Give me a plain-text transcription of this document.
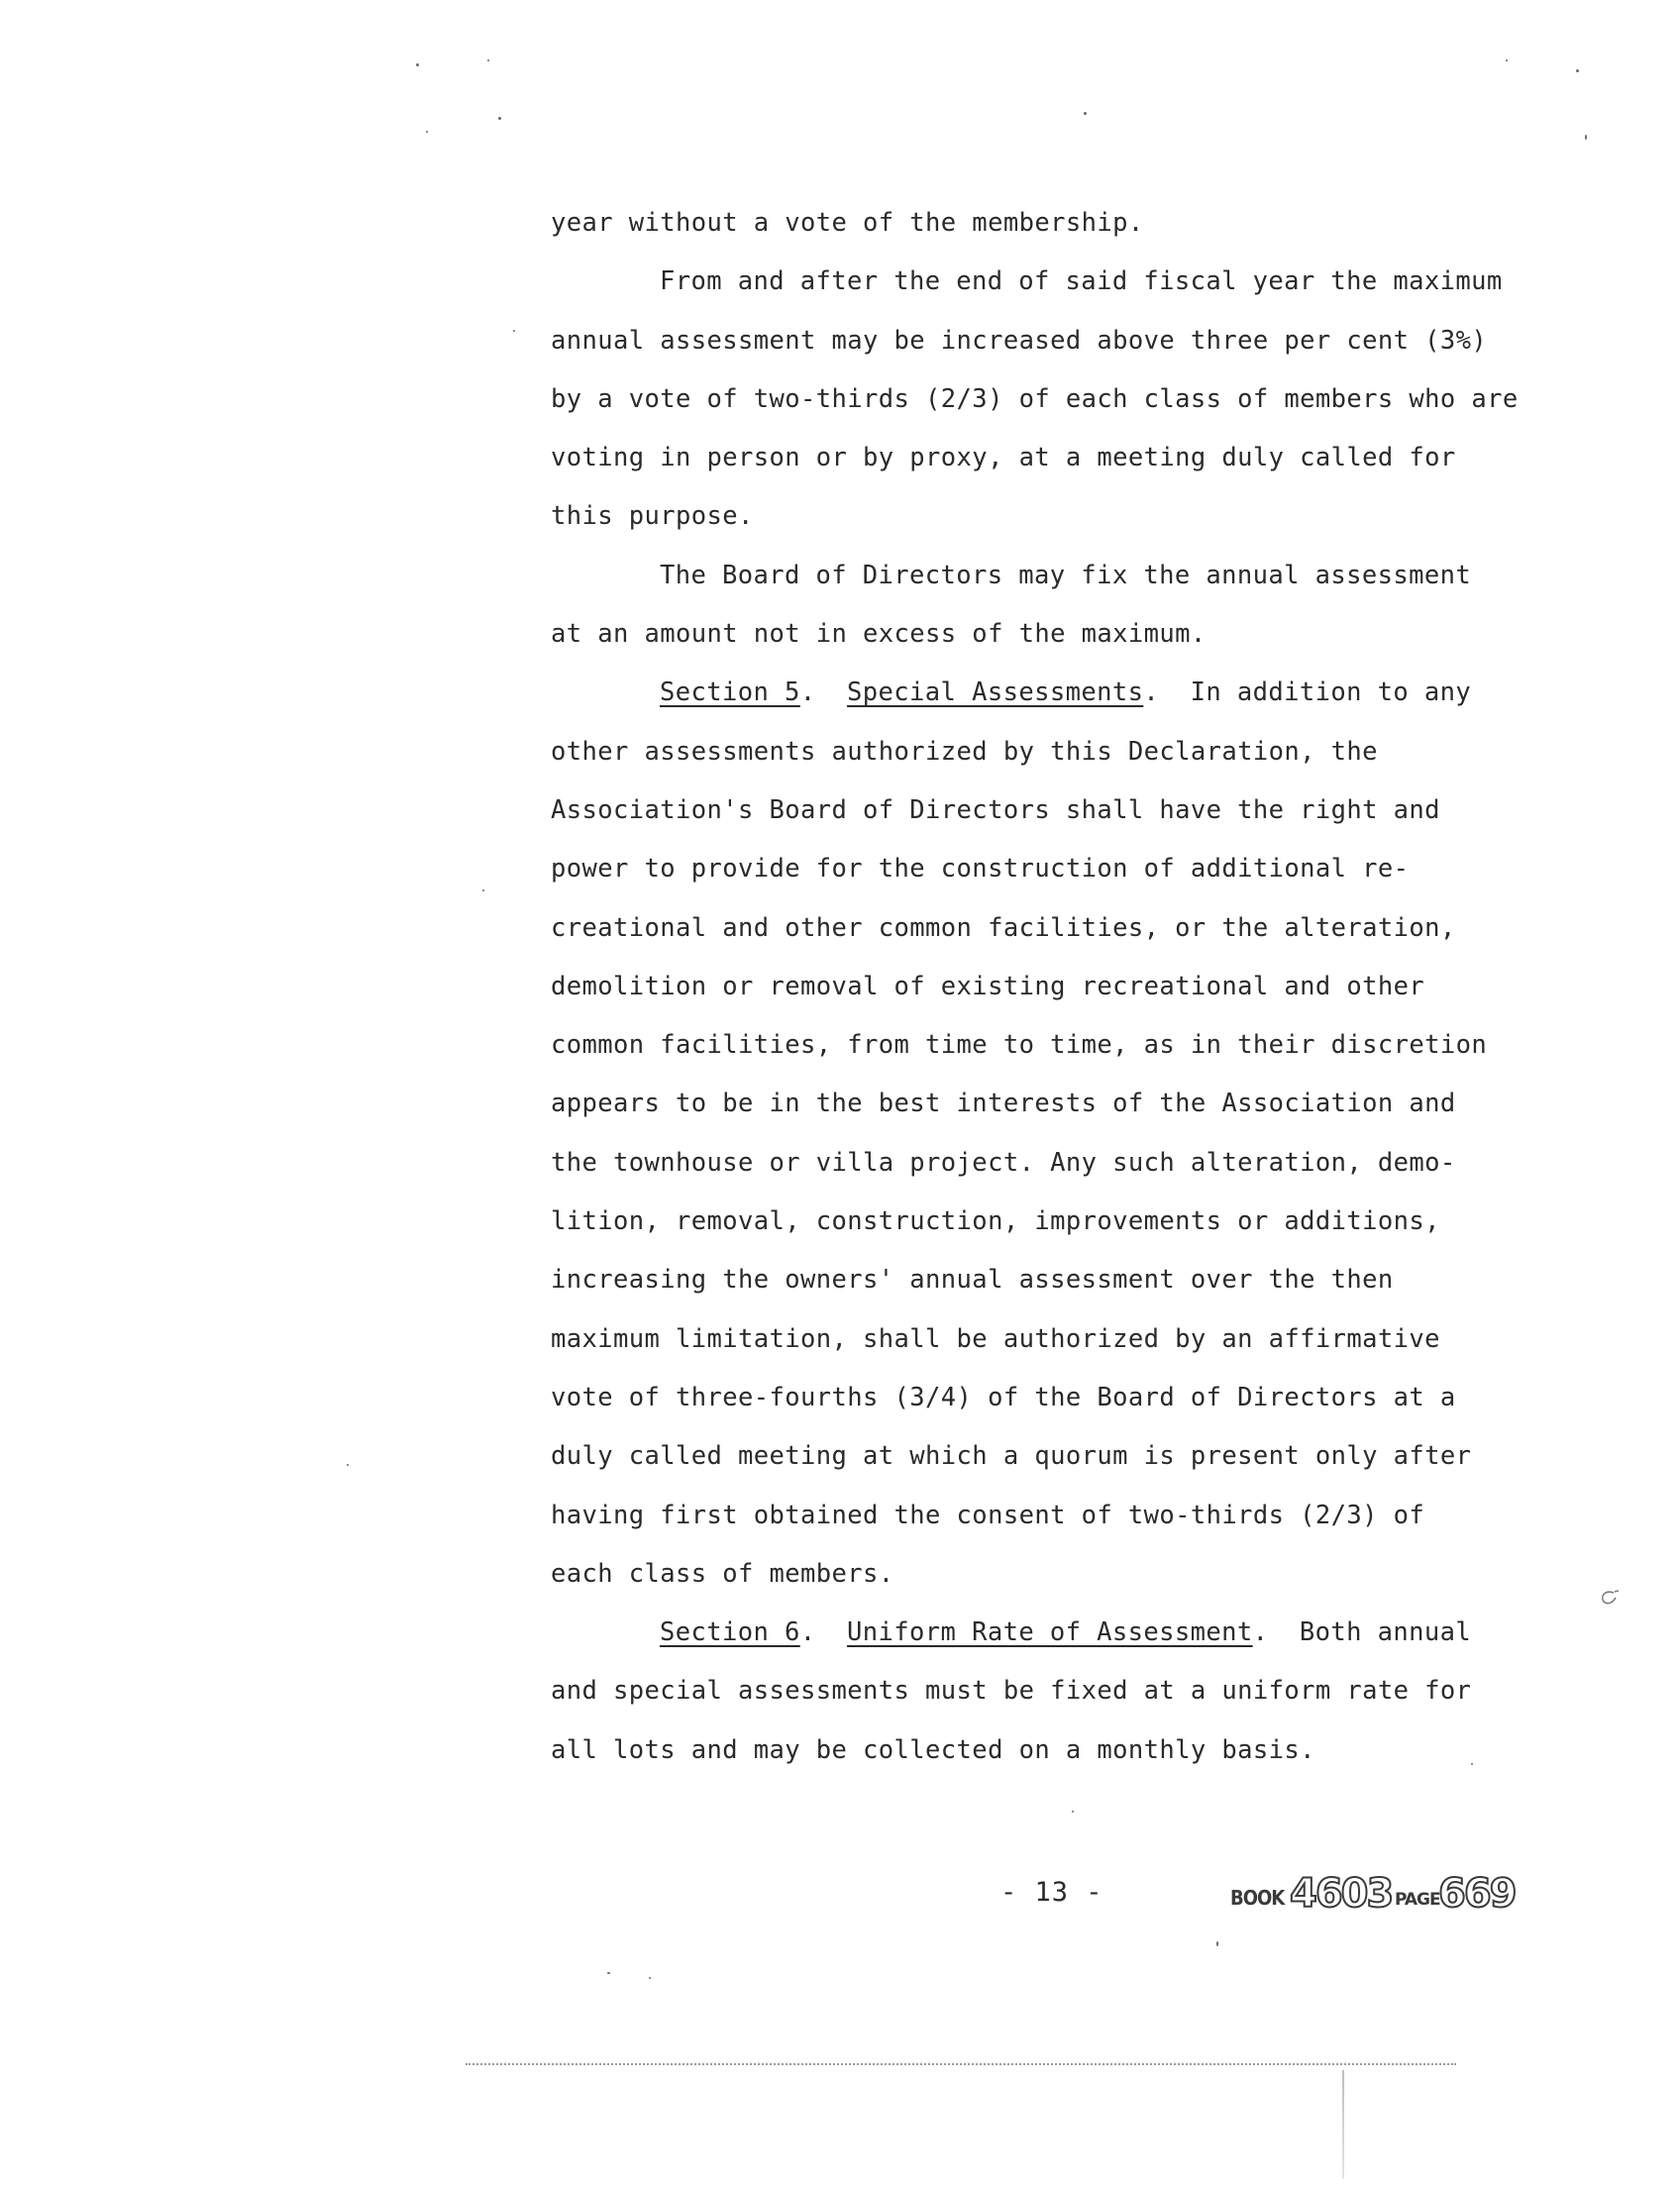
year without a vote of the membership.
From and after the end of said fiscal year the maximum
annual assessment may be increased above three per cent (3%)
by a vote of two-thirds (2/3) of each class of members who are
voting in person or by proxy, at a meeting duly called for
this purpose.
The Board of Directors may fix the annual assessment
at an amount not in excess of the maximum.
Section 5.  Special Assessments.  In addition to any
other assessments authorized by this Declaration, the
Association's Board of Directors shall have the right and
power to provide for the construction of additional re-
creational and other common facilities, or the alteration,
demolition or removal of existing recreational and other
common facilities, from time to time, as in their discretion
appears to be in the best interests of the Association and
the townhouse or villa project. Any such alteration, demo-
lition, removal, construction, improvements or additions,
increasing the owners' annual assessment over the then
maximum limitation, shall be authorized by an affirmative
vote of three-fourths (3/4) of the Board of Directors at a
duly called meeting at which a quorum is present only after
having first obtained the consent of two-thirds (2/3) of
each class of members.
Section 6.  Uniform Rate of Assessment.  Both annual
and special assessments must be fixed at a uniform rate for
all lots and may be collected on a monthly basis.
- 13 -	BOOK 4603 PAGE
669
